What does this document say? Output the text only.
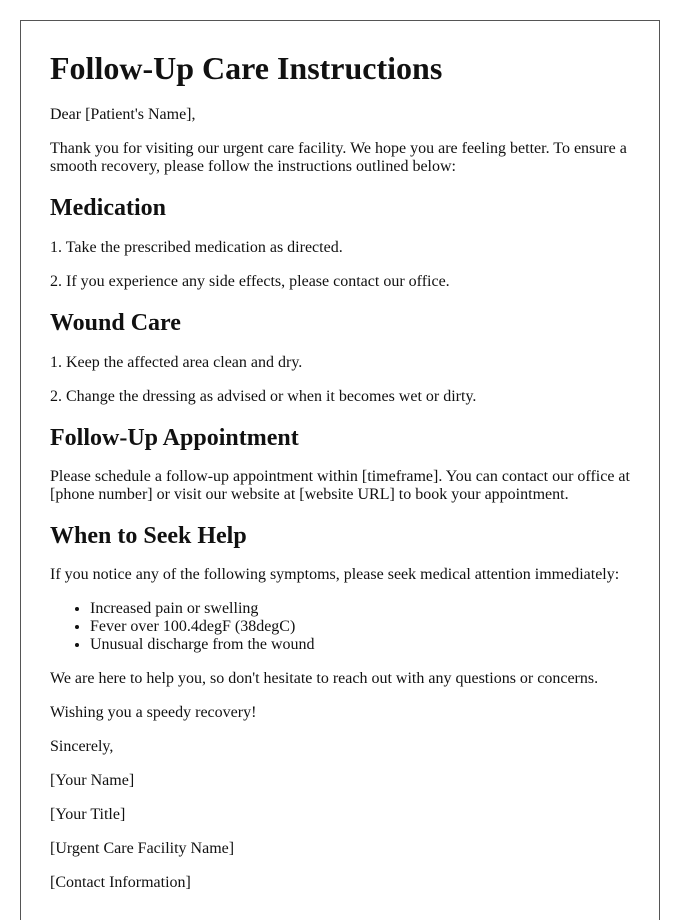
Follow-Up Care Instructions

Dear [Patient's Name],

Thank you for visiting our urgent care facility. We hope you are feeling better. To ensure a smooth recovery, please follow the instructions outlined below:

Medication

1. Take the prescribed medication as directed.

2. If you experience any side effects, please contact our office.

Wound Care

1. Keep the affected area clean and dry.

2. Change the dressing as advised or when it becomes wet or dirty.

Follow-Up Appointment

Please schedule a follow-up appointment within [timeframe]. You can contact our office at [phone number] or visit our website at [website URL] to book your appointment.

When to Seek Help

If you notice any of the following symptoms, please seek medical attention immediately:

• Increased pain or swelling
• Fever over 100.4degF (38degC)
• Unusual discharge from the wound

We are here to help you, so don't hesitate to reach out with any questions or concerns.

Wishing you a speedy recovery!

Sincerely,

[Your Name]

[Your Title]

[Urgent Care Facility Name]

[Contact Information]
